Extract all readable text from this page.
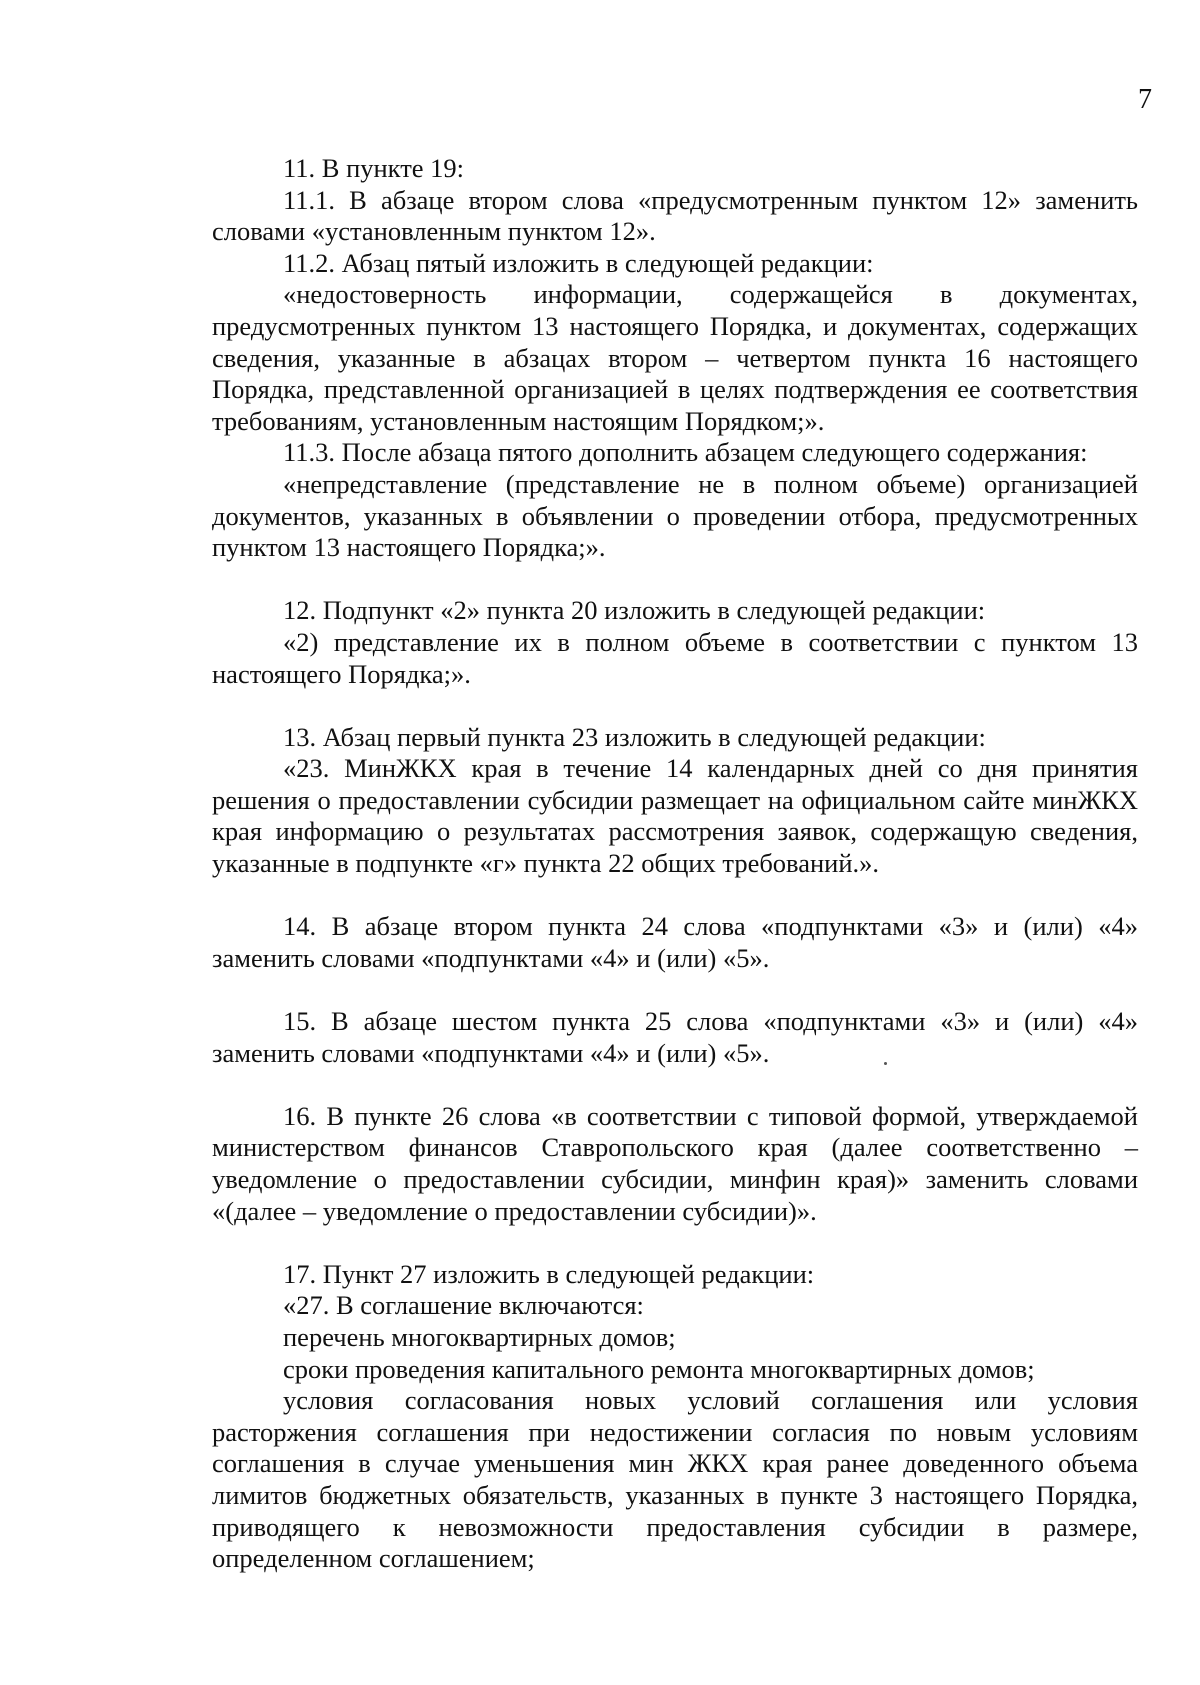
7

11. В пункте 19:

11.1. В абзаце втором слова «предусмотренным пунктом 12» заменить словами «установленным пунктом 12».

11.2. Абзац пятый изложить в следующей редакции:

«недостоверность информации, содержащейся в документах, предусмотренных пунктом 13 настоящего Порядка, и документах, содержащих сведения, указанные в абзацах втором – четвертом пункта 16 настоящего Порядка, представленной организацией в целях подтверждения ее соответствия требованиям, установленным настоящим Порядком;».

11.3. После абзаца пятого дополнить абзацем следующего содержания:

«непредставление (представление не в полном объеме) организацией документов, указанных в объявлении о проведении отбора, предусмотренных пунктом 13 настоящего Порядка;».

12. Подпункт «2» пункта 20 изложить в следующей редакции:

«2) представление их в полном объеме в соответствии с пунктом 13 настоящего Порядка;».

13. Абзац первый пункта 23 изложить в следующей редакции:

«23. МинЖКХ края в течение 14 календарных дней со дня принятия решения о предоставлении субсидии размещает на официальном сайте минЖКХ края информацию о результатах рассмотрения заявок, содержащую сведения, указанные в подпункте «г» пункта 22 общих требований.».

14. В абзаце втором пункта 24 слова «подпунктами «3» и (или) «4» заменить словами «подпунктами «4» и (или) «5».

15. В абзаце шестом пункта 25 слова «подпунктами «3» и (или) «4» заменить словами «подпунктами «4» и (или) «5».

16. В пункте 26 слова «в соответствии с типовой формой, утверждаемой министерством финансов Ставропольского края (далее соответственно – уведомление о предоставлении субсидии, минфин края)» заменить словами «(далее – уведомление о предоставлении субсидии)».

17. Пункт 27 изложить в следующей редакции:

«27. В соглашение включаются:

перечень многоквартирных домов;

сроки проведения капитального ремонта многоквартирных домов;

условия согласования новых условий соглашения или условия расторжения соглашения при недостижении согласия по новым условиям соглашения в случае уменьшения мин ЖКХ края ранее доведенного объема лимитов бюджетных обязательств, указанных в пункте 3 настоящего Порядка, приводящего к невозможности предоставления субсидии в размере, определенном соглашением;
